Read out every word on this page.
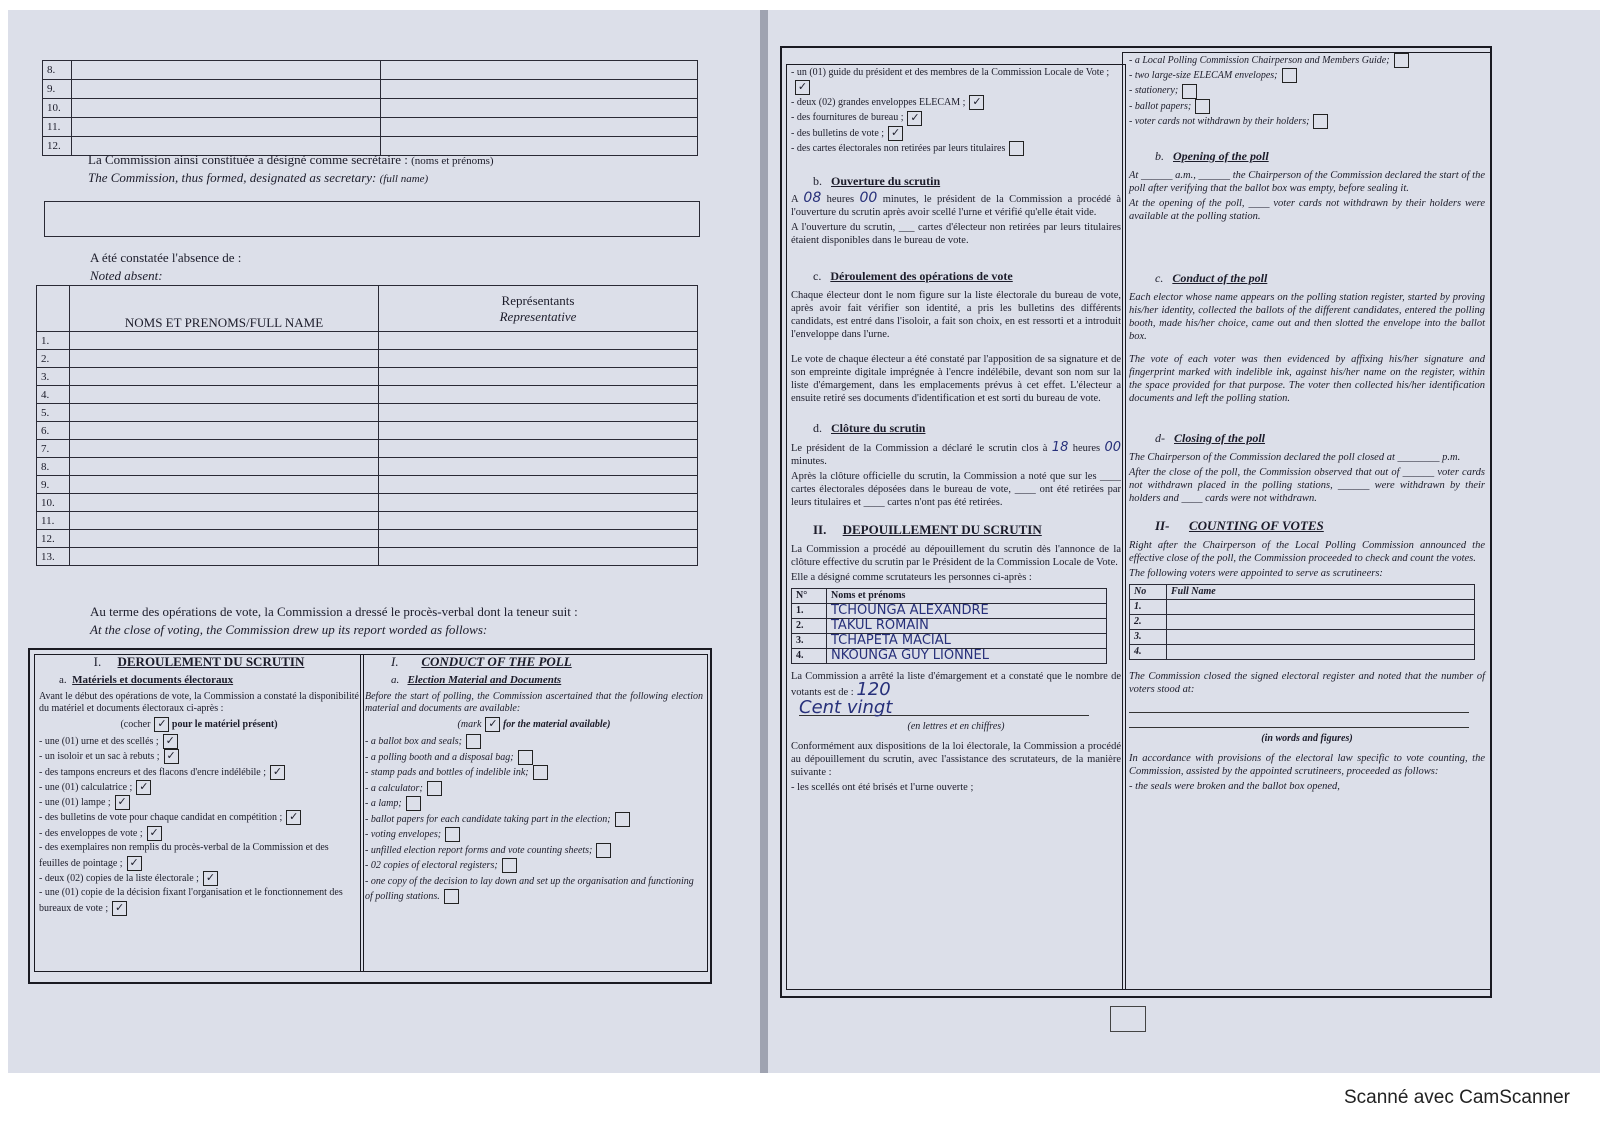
8.		
9.		
10.		
11.		
12.		
La Commission ainsi constituée a désigné comme secrétaire : (noms et prénoms)
The Commission, thus formed, designated as secretary: (full name)
A été constatée l'absence de :
Noted absent:
	NOMS ET PRENOMS/FULL NAME	Représentants
Representative

1.		
2.		
3.		
4.		
5.		
6.		
7.		
8.		
9.		
10.		
11.		
12.		
13.		
Au terme des opérations de vote, la Commission a dressé le procès-verbal dont la teneur suit :
At the close of voting, the Commission drew up its report worded as follows:
I. DEROULEMENT DU SCRUTIN
a. Matériels et documents électoraux

Avant le début des opérations de vote, la Commission a constaté la disponibilité du matériel et documents électoraux ci-après :

(cocher ✓ pour le matériel présent)

- une (01) urne et des scellés ; ✓
- un isoloir et un sac à rebuts ; ✓
- des tampons encreurs et des flacons d'encre indélébile ; ✓
- une (01) calculatrice ; ✓
- une (01) lampe ; ✓
- des bulletins de vote pour chaque candidat en compétition ; ✓
- des enveloppes de vote ; ✓
- des exemplaires non remplis du procès-verbal de la Commission et des feuilles de pointage ; ✓
- deux (02) copies de la liste électorale ; ✓
- une (01) copie de la décision fixant l'organisation et le fonctionnement des bureaux de vote ; ✓
I. CONDUCT OF THE POLL
a. Election Material and Documents

Before the start of polling, the Commission ascertained that the following election material and documents are available:

(mark ✓ for the material available)

- a ballot box and seals;
- a polling booth and a disposal bag;
- stamp pads and bottles of indelible ink;
- a calculator;
- a lamp;
- ballot papers for each candidate taking part in the election;
- voting envelopes;
- unfilled election report forms and vote counting sheets;
- 02 copies of electoral registers;
- one copy of the decision to lay down and set up the organisation and functioning of polling stations.
- un (01) guide du président et des membres de la Commission Locale de Vote ;✓
- deux (02) grandes enveloppes ELECAM ; ✓
- des fournitures de bureau ; ✓
- des bulletins de vote ; ✓
- des cartes électorales non retirées par leurs titulaires
b. Ouverture du scrutin

A 08 heures 00 minutes, le président de la Commission a procédé à l'ouverture du scrutin après avoir scellé l'urne et vérifié qu'elle était vide.

A l'ouverture du scrutin, ___ cartes d'électeur non retirées par leurs titulaires étaient disponibles dans le bureau de vote.

c. Déroulement des opérations de vote

Chaque électeur dont le nom figure sur la liste électorale du bureau de vote, après avoir fait vérifier son identité, a pris les bulletins des différents candidats, est entré dans l'isoloir, a fait son choix, en est ressorti et a introduit l'enveloppe dans l'urne.

Le vote de chaque électeur a été constaté par l'apposition de sa signature et de son empreinte digitale imprégnée à l'encre indélébile, devant son nom sur la liste d'émargement, dans les emplacements prévus à cet effet. L'électeur a ensuite retiré ses documents d'identification et est sorti du bureau de vote.

d. Clôture du scrutin

Le président de la Commission a déclaré le scrutin clos à 18 heures 00 minutes.

Après la clôture officielle du scrutin, la Commission a noté que sur les ____ cartes électorales déposées dans le bureau de vote, ____ ont été retirées par leurs titulaires et ____ cartes n'ont pas été retirées.

II. DEPOUILLEMENT DU SCRUTIN

La Commission a procédé au dépouillement du scrutin dès l'annonce de la clôture effective du scrutin par le Président de la Commission Locale de Vote.

Elle a désigné comme scrutateurs les personnes ci-après :

N°	Noms et prénoms
1.	TCHOUNGA ALEXANDRE
2.	TAKUL ROMAIN
3.	TCHAPETA MACIAL
4.	NKOUNGA GUY LIONNEL

La Commission a arrêté la liste d'émargement et a constaté que le nombre de votants est de : 120

Cent vingt

(en lettres et en chiffres)

Conformément aux dispositions de la loi électorale, la Commission a procédé au dépouillement du scrutin, avec l'assistance des scrutateurs, de la manière suivante :

- les scellés ont été brisés et l'urne ouverte ;

- a Local Polling Commission Chairperson and Members Guide;
- two large-size ELECAM envelopes;
- stationery;
- ballot papers;
- voter cards not withdrawn by their holders;
b. Opening of the poll

At ______ a.m., ______ the Chairperson of the Commission declared the start of the poll after verifying that the ballot box was empty, before sealing it.

At the opening of the poll, ____ voter cards not withdrawn by their holders were available at the polling station.

c. Conduct of the poll

Each elector whose name appears on the polling station register, started by proving his/her identity, collected the ballots of the different candidates, entered the polling booth, made his/her choice, came out and then slotted the envelope into the ballot box.

The vote of each voter was then evidenced by affixing his/her signature and fingerprint marked with indelible ink, against his/her name on the register, within the space provided for that purpose. The voter then collected his/her identification documents and left the polling station.

d- Closing of the poll

The Chairperson of the Commission declared the poll closed at ________ p.m.

After the close of the poll, the Commission observed that out of ______ voter cards not withdrawn placed in the polling stations, ______ were withdrawn by their holders and ____ cards were not withdrawn.

II- COUNTING OF VOTES

Right after the Chairperson of the Local Polling Commission announced the effective close of the poll, the Commission proceeded to check and count the votes.

The following voters were appointed to serve as scrutineers:

No	Full Name
1.	
2.	
3.	
4.	

The Commission closed the signed electoral register and noted that the number of voters stood at:

(in words and figures)

In accordance with provisions of the electoral law specific to vote counting, the Commission, assisted by the appointed scrutineers, proceeded as follows:

- the seals were broken and the ballot box opened,

Scanné avec CamScanner
